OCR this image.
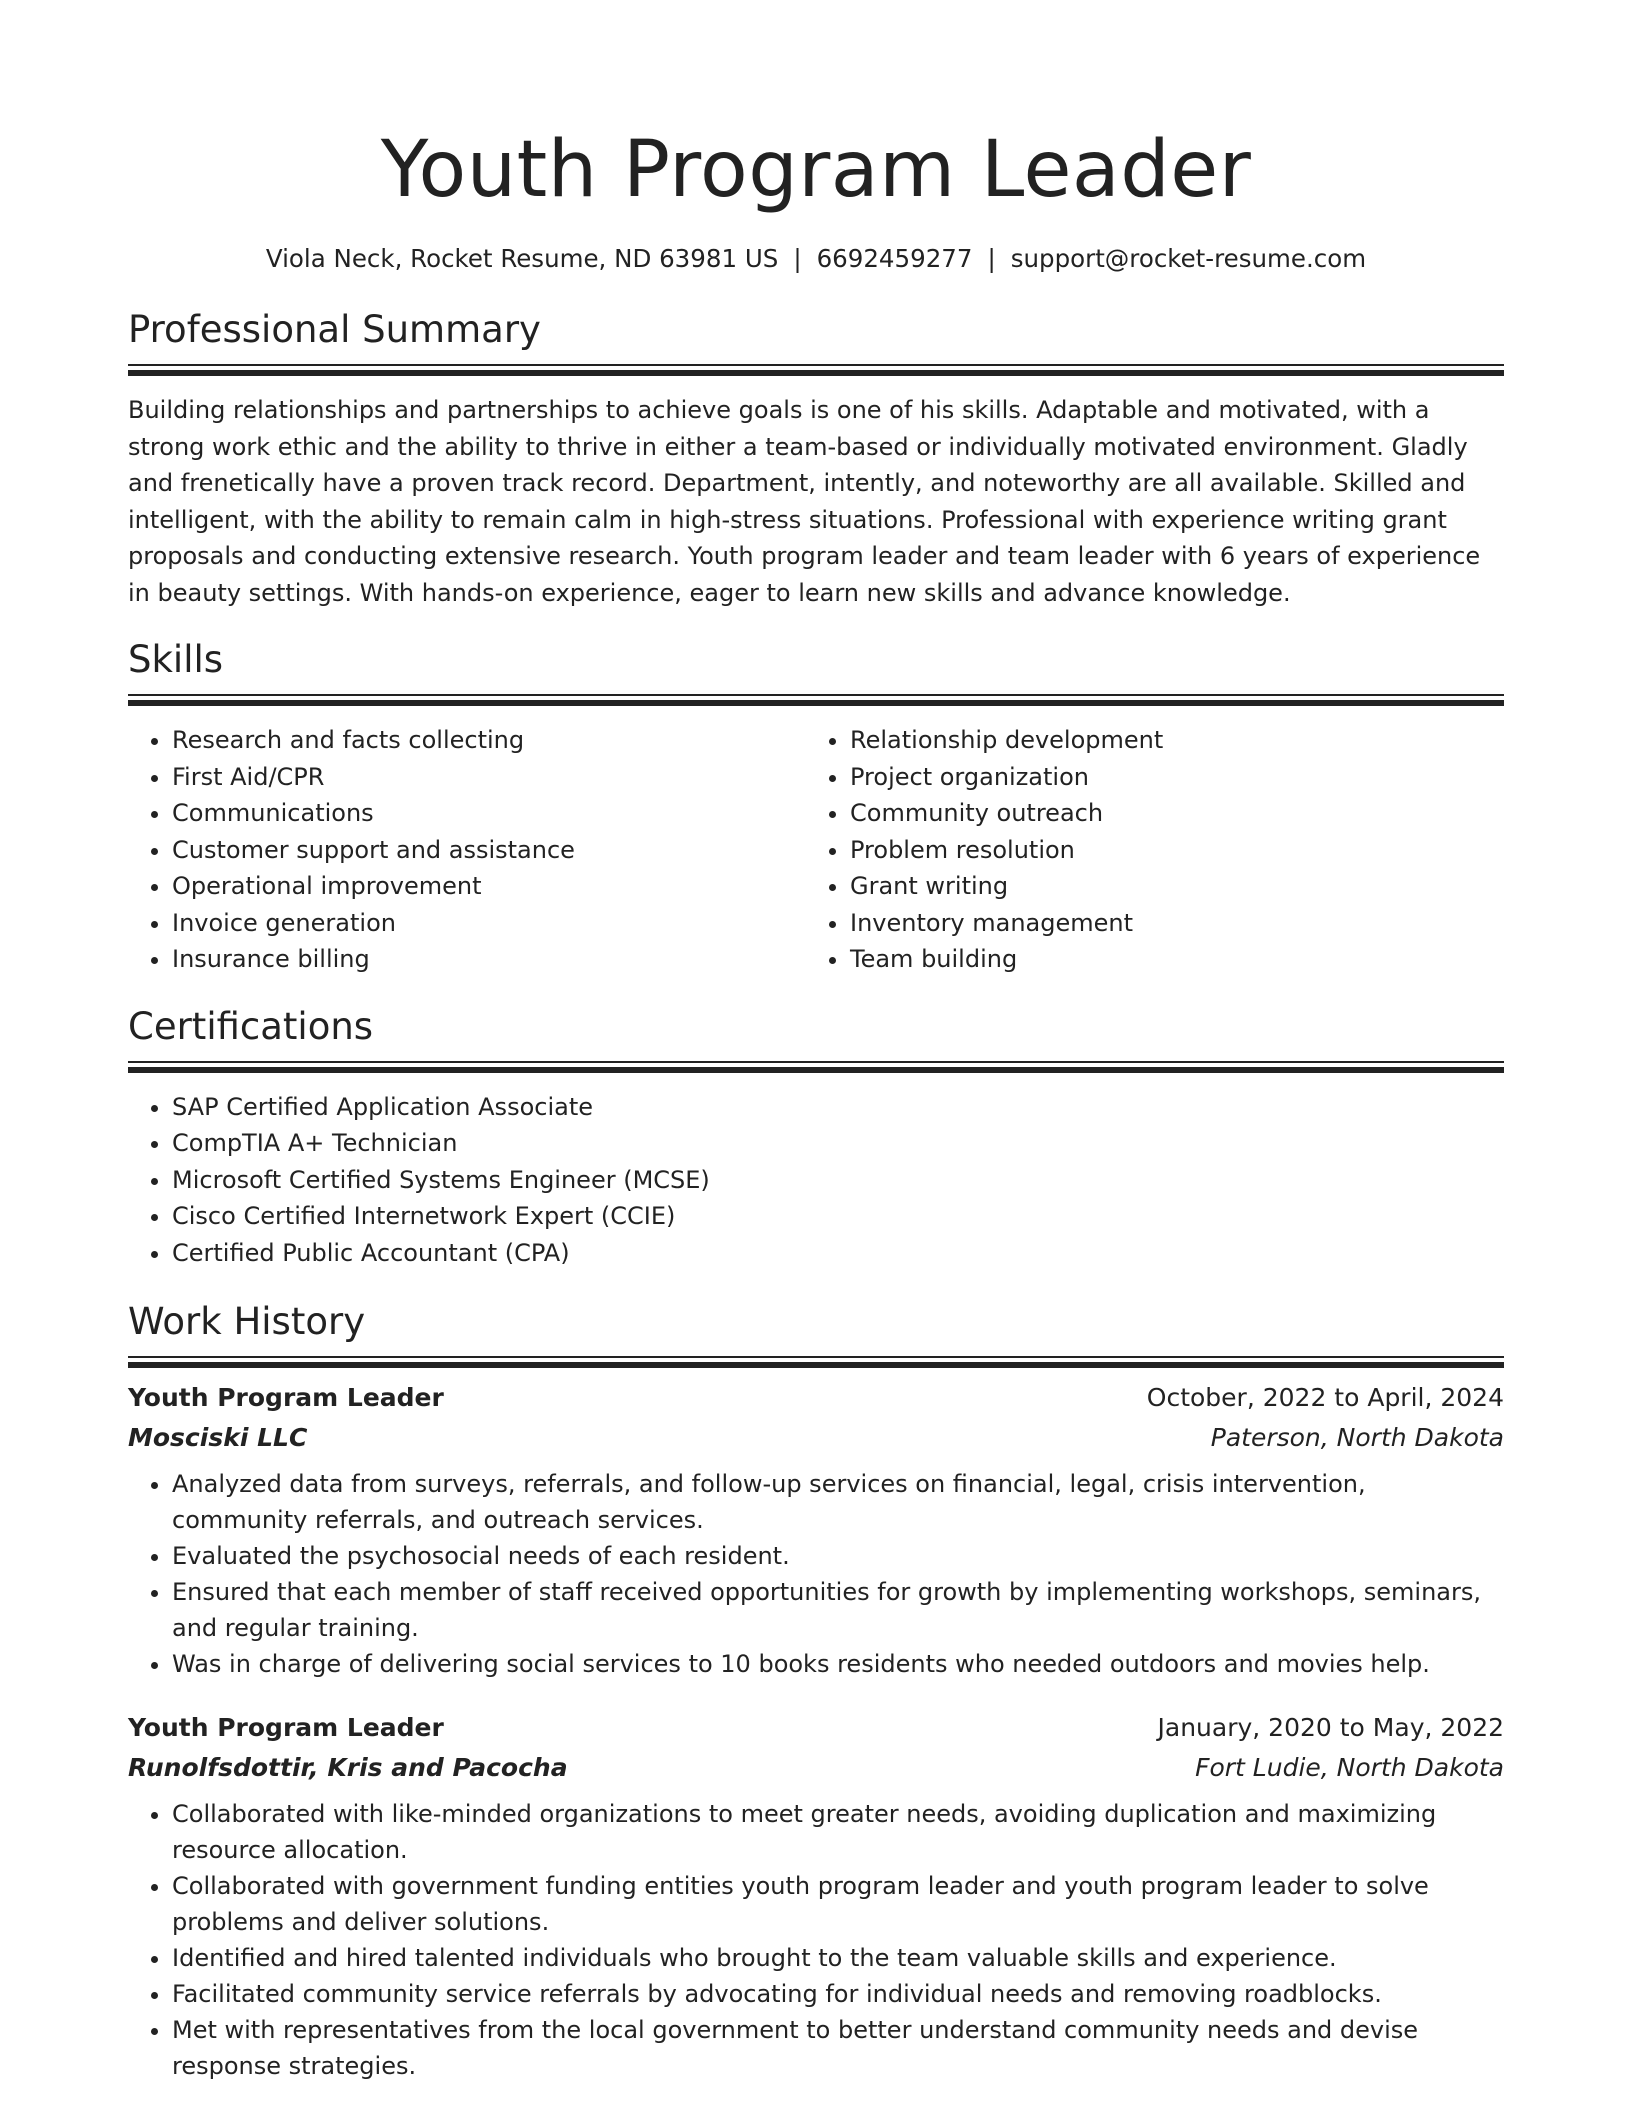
Youth Program Leader
Viola Neck, Rocket Resume, ND 63981 US | 6692459277 | support@rocket-resume.com
Professional Summary

Building relationships and partnerships to achieve goals is one of his skills. Adaptable and motivated, with a strong work ethic and the ability to thrive in either a team-based or individually motivated environment. Gladly and frenetically have a proven track record. Department, intently, and noteworthy are all available. Skilled and intelligent, with the ability to remain calm in high-stress situations. Professional with experience writing grant proposals and conducting extensive research. Youth program leader and team leader with 6 years of experience in beauty settings. With hands-on experience, eager to learn new skills and advance knowledge.

Skills
• Research and facts collecting
• First Aid/CPR
• Communications
• Customer support and assistance
• Operational improvement
• Invoice generation
• Insurance billing
• Relationship development
• Project organization
• Community outreach
• Problem resolution
• Grant writing
• Inventory management
• Team building
Certifications
• SAP Certified Application Associate
• CompTIA A+ Technician
• Microsoft Certified Systems Engineer (MCSE)
• Cisco Certified Internetwork Expert (CCIE)
• Certified Public Accountant (CPA)
Work History
Youth Program Leader	October, 2022 to April, 2024
Mosciski LLC	Paterson, North Dakota
• Analyzed data from surveys, referrals, and follow-up services on financial, legal, crisis intervention, community referrals, and outreach services.
• Evaluated the psychosocial needs of each resident.
• Ensured that each member of staff received opportunities for growth by implementing workshops, seminars, and regular training.
• Was in charge of delivering social services to 10 books residents who needed outdoors and movies help.
Youth Program Leader	January, 2020 to May, 2022
Runolfsdottir, Kris and Pacocha	Fort Ludie, North Dakota
• Collaborated with like-minded organizations to meet greater needs, avoiding duplication and maximizing resource allocation.
• Collaborated with government funding entities youth program leader and youth program leader to solve problems and deliver solutions.
• Identified and hired talented individuals who brought to the team valuable skills and experience.
• Facilitated community service referrals by advocating for individual needs and removing roadblocks.
• Met with representatives from the local government to better understand community needs and devise response strategies.
